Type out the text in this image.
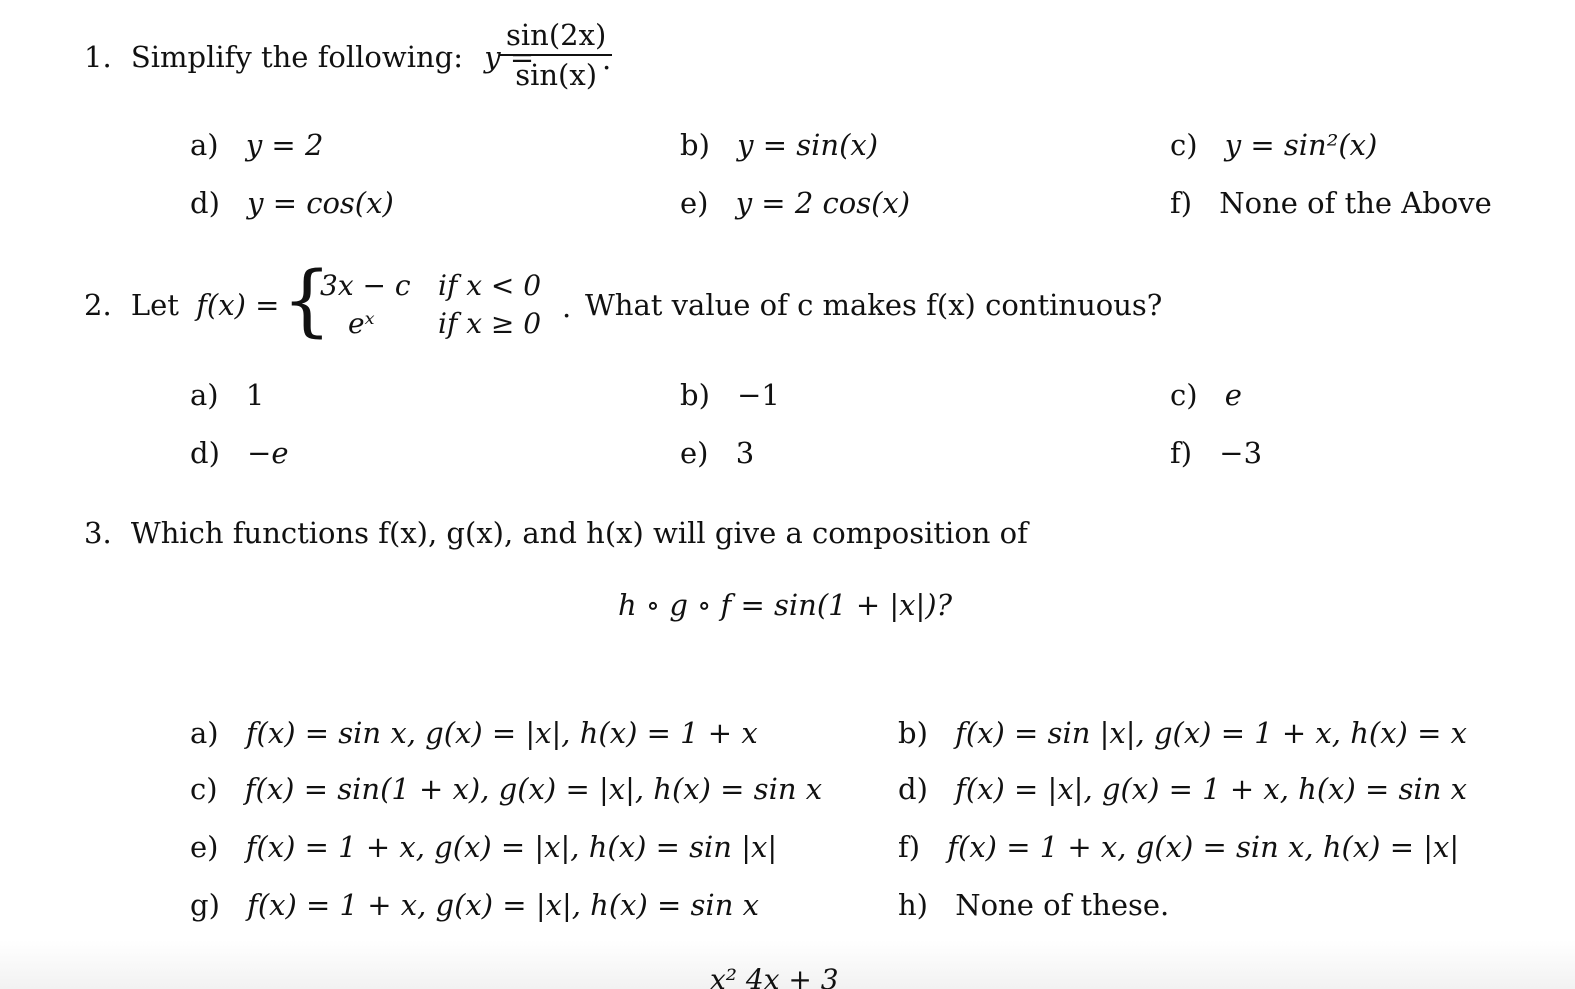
1. Simplify the following: y =
$\frac{\sin(2x)}{\sin(x)}$
.
a) y = 2	b) y = sin(x)	c) y = sin²(x)
d) y = cos(x)	e) y = 2 cos(x)	f) None of the Above
2. Let f(x) = {
3x − c if x < 0
eˣ if x ≥ 0 . What value of c makes f(x) continuous?
a) 1	b) −1	c) e
d) −e	e) 3	f) −3
3. Which functions f(x), g(x), and h(x) will give a composition of
h ∘ g ∘ f = sin(1 + |x|)?
a) f(x) = sin x, g(x) = |x|, h(x) = 1 + x	b) f(x) = sin |x|, g(x) = 1 + x, h(x) = x
c) f(x) = sin(1 + x), g(x) = |x|, h(x) = sin x	d) f(x) = |x|, g(x) = 1 + x, h(x) = sin x
e) f(x) = 1 + x, g(x) = |x|, h(x) = sin |x|	f) f(x) = 1 + x, g(x) = sin x, h(x) = |x|
g) f(x) = 1 + x, g(x) = |x|, h(x) = sin x	h) None of these.
x² 4x + 3
